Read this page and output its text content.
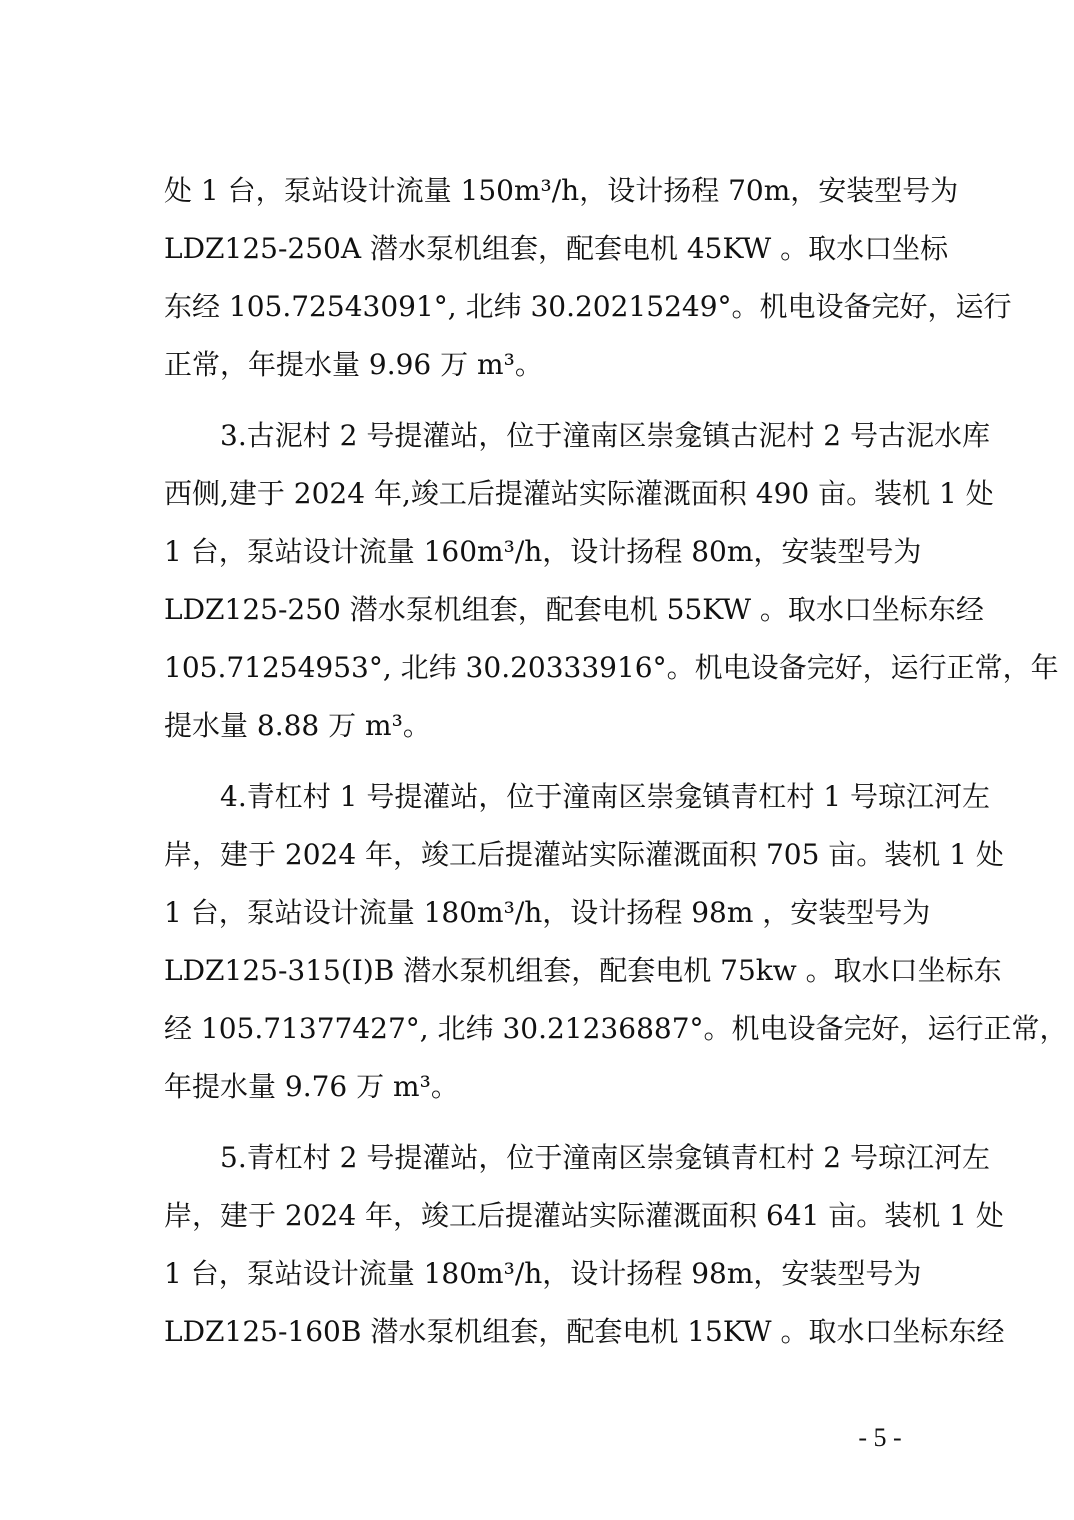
处 1 台，泵站设计流量 150m³/h，设计扬程 70m，安装型号为
LDZ125-250A 潜水泵机组套，配套电机 45KW 。取水口坐标
东经 105.72543091°, 北纬 30.20215249°。机电设备完好，运行
正常，年提水量 9.96 万 m³。

3.古泥村 2 号提灌站，位于潼南区崇龛镇古泥村 2 号古泥水库
西侧,建于 2024 年,竣工后提灌站实际灌溉面积 490 亩。装机 1 处
1 台，泵站设计流量 160m³/h，设计扬程 80m，安装型号为
LDZ125-250 潜水泵机组套，配套电机 55KW 。取水口坐标东经
105.71254953°, 北纬 30.20333916°。机电设备完好，运行正常，年
提水量 8.88 万 m³。

4.青杠村 1 号提灌站，位于潼南区崇龛镇青杠村 1 号琼江河左
岸，建于 2024 年，竣工后提灌站实际灌溉面积 705 亩。装机 1 处
1 台，泵站设计流量 180m³/h，设计扬程 98m ，安装型号为
LDZ125-315(I)B 潜水泵机组套，配套电机 75kw 。取水口坐标东
经 105.71377427°, 北纬 30.21236887°。机电设备完好，运行正常，
年提水量 9.76 万 m³。

5.青杠村 2 号提灌站，位于潼南区崇龛镇青杠村 2 号琼江河左
岸，建于 2024 年，竣工后提灌站实际灌溉面积 641 亩。装机 1 处
1 台，泵站设计流量 180m³/h，设计扬程 98m，安装型号为
LDZ125-160B 潜水泵机组套，配套电机 15KW 。取水口坐标东经

- 5 -
